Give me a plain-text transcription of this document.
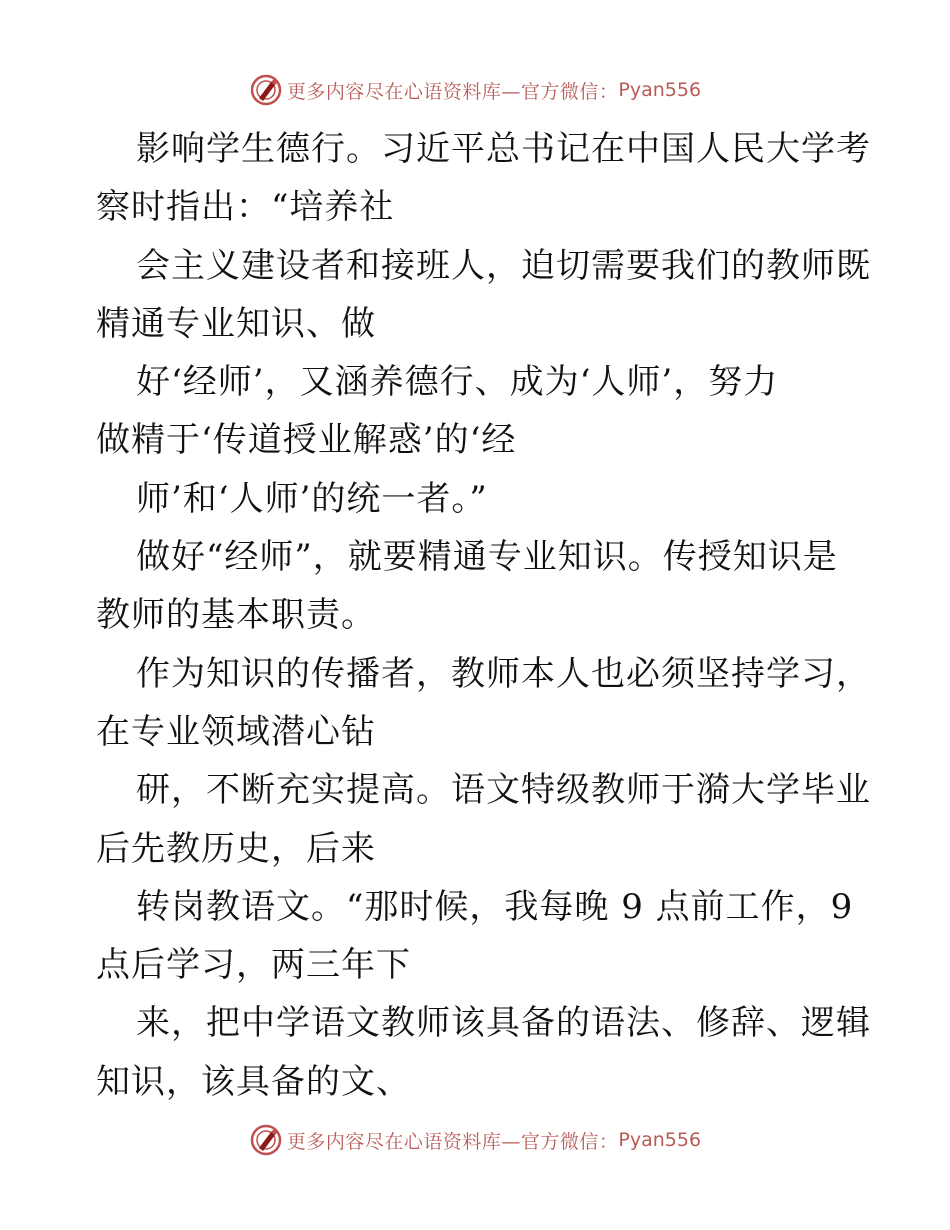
更多内容尽在心语资料库—官方微信： Pyan556
影响学生德行。习近平总书记在中国人民大学考
察时指出：“培养社
会主义建设者和接班人，迫切需要我们的教师既
精通专业知识、做
好‘经师’，又涵养德行、成为‘人师’，努力
做精于‘传道授业解惑’的‘经
师’和‘人师’的统一者。”
做好“经师”，就要精通专业知识。传授知识是
教师的基本职责。
作为知识的传播者，教师本人也必须坚持学习，
在专业领域潜心钻
研，不断充实提高。语文特级教师于漪大学毕业
后先教历史，后来
转岗教语文。“那时候，我每晚 9 点前工作，9
点后学习，两三年下
来，把中学语文教师该具备的语法、修辞、逻辑
知识，该具备的文、
更多内容尽在心语资料库—官方微信： Pyan556
